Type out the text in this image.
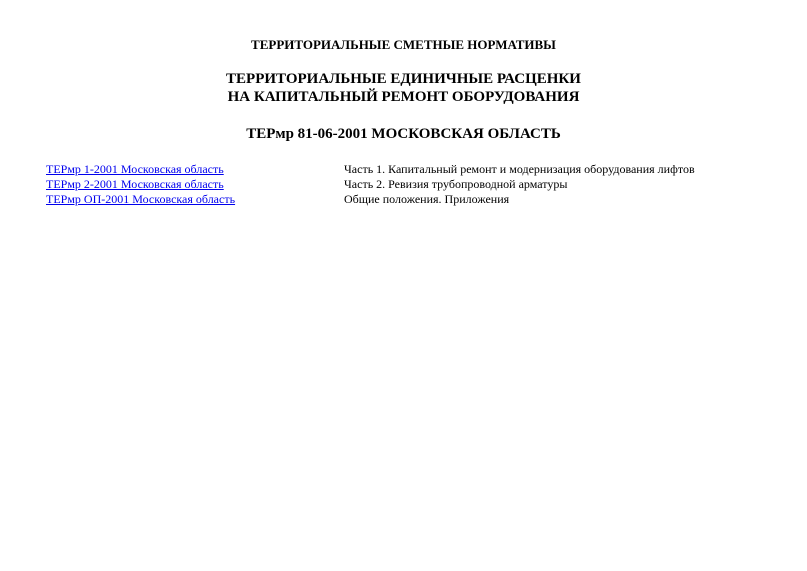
ТЕРРИТОРИАЛЬНЫЕ СМЕТНЫЕ НОРМАТИВЫ
ТЕРРИТОРИАЛЬНЫЕ ЕДИНИЧНЫЕ РАСЦЕНКИ
НА КАПИТАЛЬНЫЙ РЕМОНТ ОБОРУДОВАНИЯ
ТЕРмр 81-06-2001 МОСКОВСКАЯ ОБЛАСТЬ
ТЕРмр 1-2001 Московская область	Часть 1. Капитальный ремонт и модернизация оборудования лифтов
ТЕРмр 2-2001 Московская область	Часть 2. Ревизия трубопроводной арматуры
ТЕРмр ОП-2001 Московская область	Общие положения. Приложения
